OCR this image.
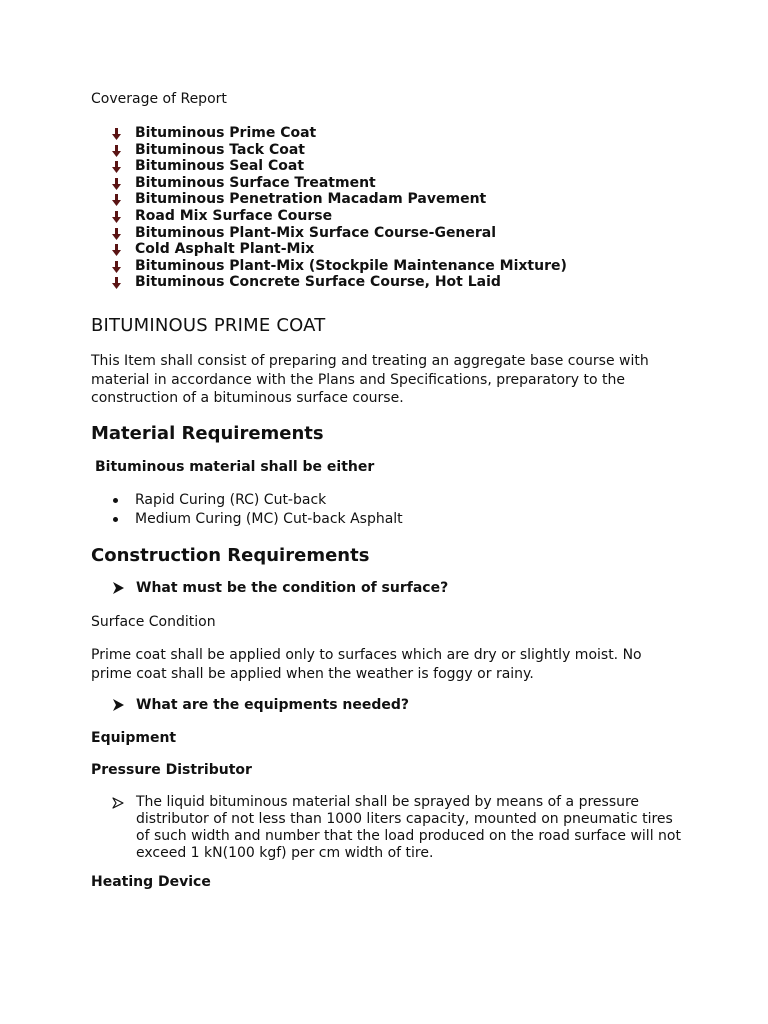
Coverage of Report
Bituminous Prime Coat
Bituminous Tack Coat
Bituminous Seal Coat
Bituminous Surface Treatment
Bituminous Penetration Macadam Pavement
Road Mix Surface Course
Bituminous Plant-Mix Surface Course-General
Cold Asphalt Plant-Mix
Bituminous Plant-Mix (Stockpile Maintenance Mixture)
Bituminous Concrete Surface Course, Hot Laid
BITUMINOUS PRIME COAT

This Item shall consist of preparing and treating an aggregate base course with
material in accordance with the Plans and Specifications, preparatory to the
construction of a bituminous surface course.

Material Requirements
Bituminous material shall be either
Rapid Curing (RC) Cut-back
Medium Curing (MC) Cut-back Asphalt
Construction Requirements
What must be the condition of surface?
Surface Condition

Prime coat shall be applied only to surfaces which are dry or slightly moist. No
prime coat shall be applied when the weather is foggy or rainy.

What are the equipments needed?
Equipment
Pressure Distributor
The liquid bituminous material shall be sprayed by means of a pressure
distributor of not less than 1000 liters capacity, mounted on pneumatic tires
of such width and number that the load produced on the road surface will not
exceed 1 kN(100 kgf) per cm width of tire.
Heating Device
